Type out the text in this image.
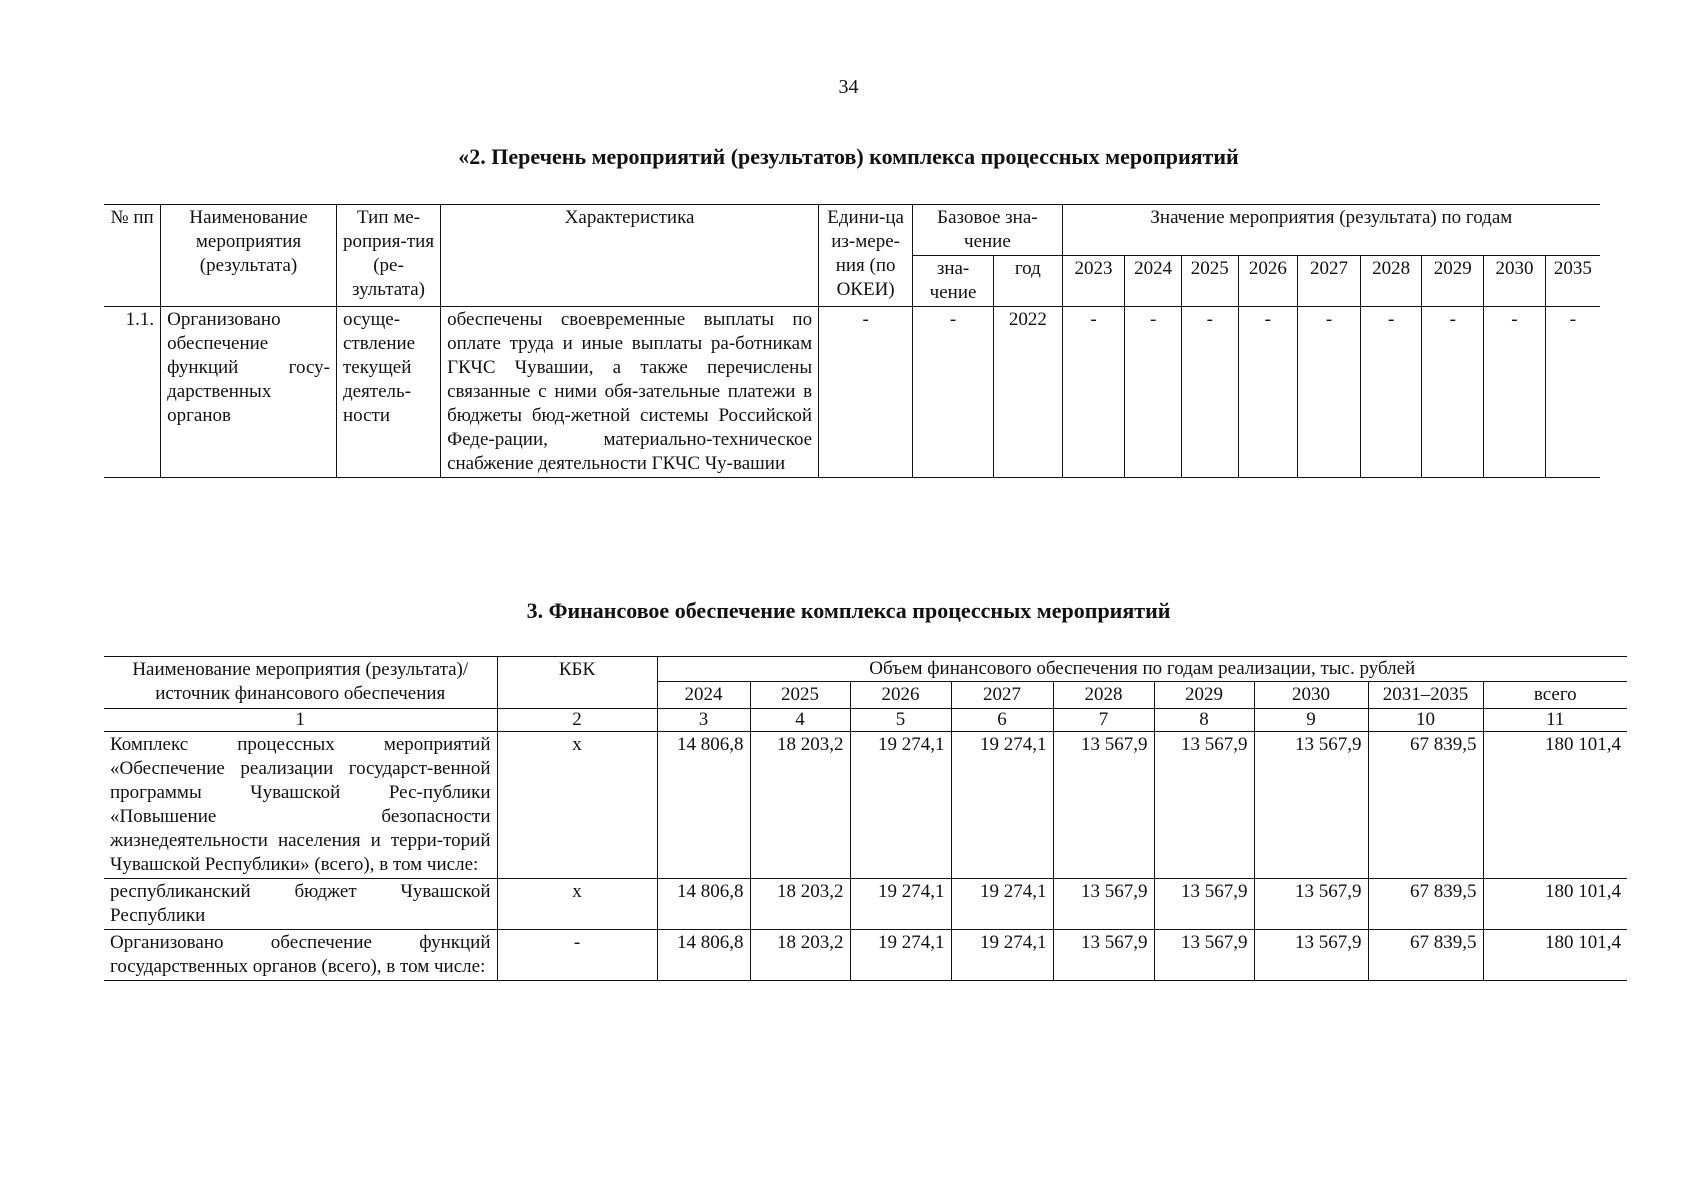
34
«2. Перечень мероприятий (результатов) комплекса процессных мероприятий
№ пп	Наименование мероприятия (результата)	Тип ме-роприя-тия (ре-зультата)	Характеристика	Едини-ца из-мере-ния (по ОКЕИ)	Базовое зна-чение		Значение мероприятия (результата) по годам								
					зна-чение	год	2023	2024	2025	2026	2027	2028	2029	2030	2035
1.1.	Организовано обеспечение функций госу-дарственных органов	осуще-ствление текущей деятель-ности	обеспечены своевременные выплаты по оплате труда и иные выплаты ра-ботникам ГКЧС Чувашии, а также перечислены связанные с ними обя-зательные платежи в бюджеты бюд-жетной системы Российской Феде-рации, материально-техническое снабжение деятельности ГКЧС Чу-вашии	-	-	2022	-	-	-	-	-	-	-	-	-
3. Финансовое обеспечение комплекса процессных мероприятий
Наименование мероприятия (результата)/источник финансового обеспечения	КБК	Объем финансового обеспечения по годам реализации, тыс. рублей								
		2024	2025	2026	2027	2028	2029	2030	2031–2035	всего
1	2	3	4	5	6	7	8	9	10	11
Комплекс процессных мероприятий «Обеспечение реализации государст-венной программы Чувашской Рес-публики «Повышение безопасности жизнедеятельности населения и терри-торий Чувашской Республики» (всего), в том числе:	х	14 806,8	18 203,2	19 274,1	19 274,1	13 567,9	13 567,9	13 567,9	67 839,5	180 101,4
республиканский бюджет Чувашской Республики	х	14 806,8	18 203,2	19 274,1	19 274,1	13 567,9	13 567,9	13 567,9	67 839,5	180 101,4
Организовано обеспечение функций государственных органов (всего), в том числе:	-	14 806,8	18 203,2	19 274,1	19 274,1	13 567,9	13 567,9	13 567,9	67 839,5	180 101,4
